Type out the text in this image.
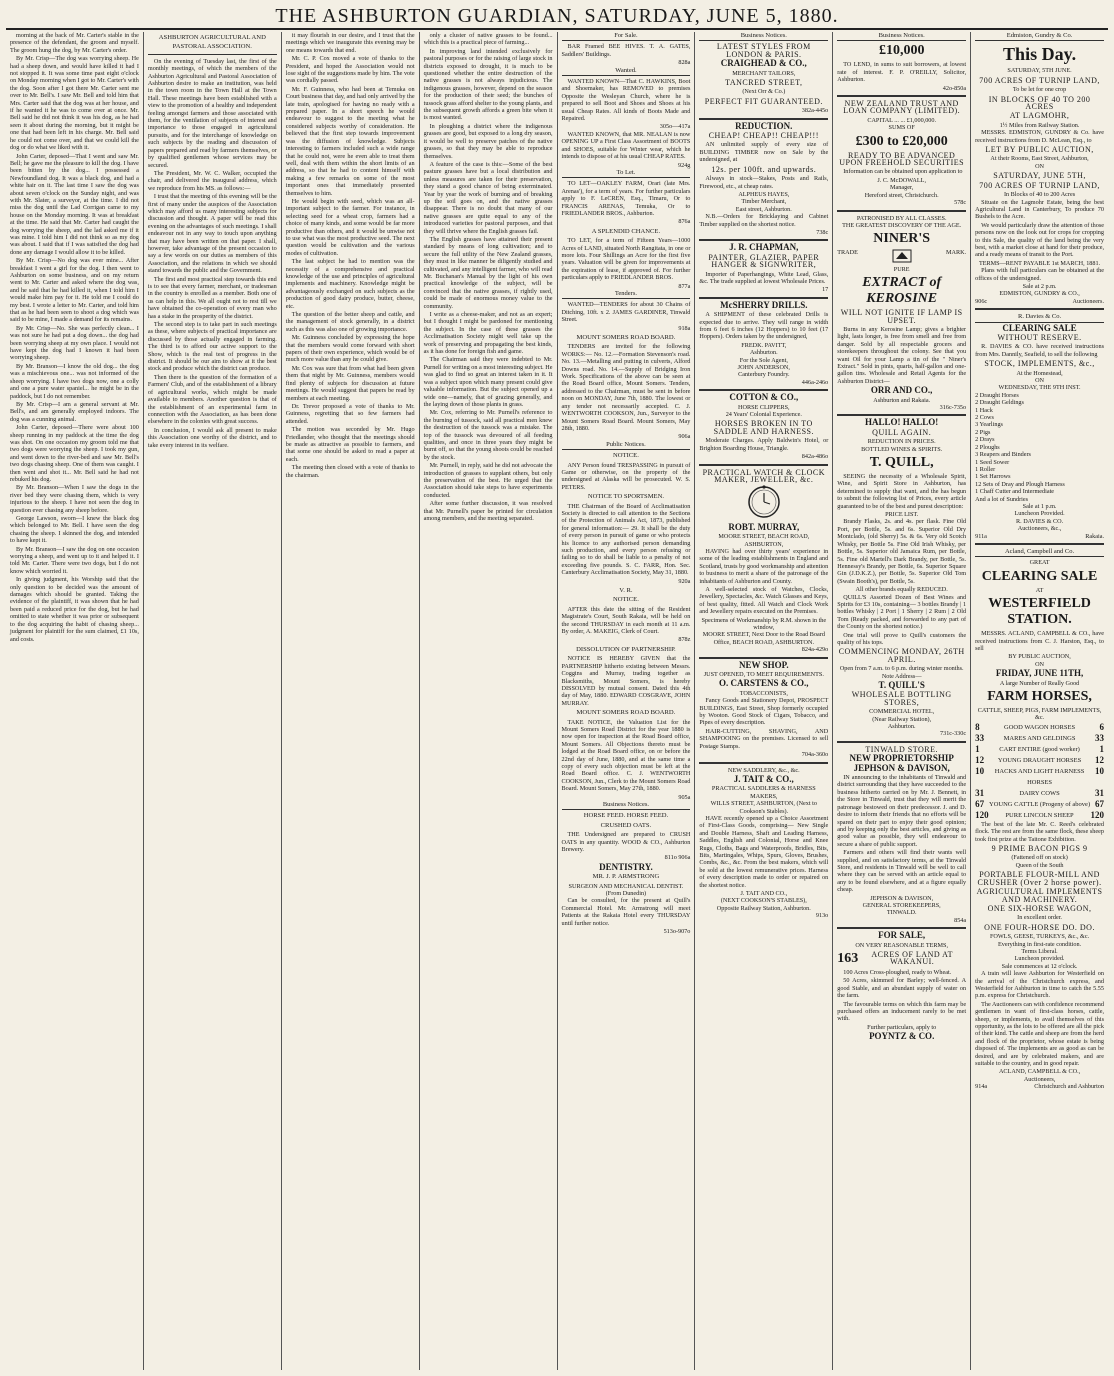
THE ASHBURTON GUARDIAN, SATURDAY, JUNE 5, 1880.

morning at the back of Mr. Carter's stable in the presence of the defendant, the groom and myself. The groom hung the dog, by Mr. Carter's order.

By Mr. Crisp—The dog was worrying sheep. He had a sheep down, and would have killed it had I not stopped it. It was some time past eight o'clock on Monday morning when I got to Mr. Carter's with the dog. Soon after I got there Mr. Carter sent me over to Mr. Bell's. I saw Mr. Bell and told him that Mrs. Carter said that the dog was at her house, and if he wanted it he was to come over at once. Mr. Bell said he did not think it was his dog, as he had seen it about during the morning, but it might be one that had been left in his charge. Mr. Bell said he could not come over, and that we could kill the dog or do what we liked with it.

John Carter, deposed—That I went and saw Mr. Bell; he gave me the pleasure to kill the dog. I have been bitten by the dog... I possessed a Newfoundland dog. It was a black dog, and had a white hair on it. The last time I saw the dog was about seven o'clock on the Sunday night, and was with Mr. Slater, a surveyor, at the time. I did not miss the dog until the Lad Corrigan came to my house on the Monday morning. It was at breakfast at the time. He said that Mr. Carter had caught the dog worrying the sheep, and the lad asked me if it was mine. I told him I did not think so as my dog was about. I said that if I was satisfied the dog had done any damage I would allow it to be killed.

By Mr. Crisp—No dog was ever mine... After breakfast I went a girl for the dog. I then went to Ashburton on some business, and on my return went to Mr. Carter and asked where the dog was, and he said that he had killed it, when I told him I would make him pay for it. He told me I could do my best. I wrote a letter to Mr. Carter, and told him that as he had been seen to shoot a dog which was said to be mine, I made a demand for its remains.

By Mr. Crisp—No. She was perfectly clean... I was not sure he had put a dog down... the dog had been worrying sheep at my own place. I would not have kept the dog had I known it had been worrying sheep.

By Mr. Branson—I know the old dog... the dog was a mischievous one... was not informed of the sheep worrying. I have two dogs now, one a colly and one a pure water spaniel... he might be in the paddock, but I do not remember.

By Mr. Crisp—I am a general servant at Mr. Bell's, and am generally employed indoors. The dog was a cunning animal.

John Carter, deposed—There were about 100 sheep running in my paddock at the time the dog was shot. On one occasion my groom told me that two dogs were worrying the sheep. I took my gun, and went down to the river-bed and saw Mr. Bell's two dogs chasing sheep. One of them was caught. I then went and shot it... Mr. Bell said he had not rebuked his dog.

By Mr. Branson—When I saw the dogs in the river bed they were chasing them, which is very injurious to the sheep. I have not seen the dog in question ever chasing any sheep before.

George Lawson, sworn—I knew the black dog which belonged to Mr. Bell. I have seen the dog chasing the sheep. I skinned the dog, and intended to have kept it.

By Mr. Branson—I saw the dog on one occasion worrying a sheep, and went up to it and helped it. I told Mr. Carter. There were two dogs, but I do not know which worried it.

In giving judgment, his Worship said that the only question to be decided was the amount of damages which should be granted. Taking the evidence of the plaintiff, it was shown that he had been paid a reduced price for the dog, but he had omitted to state whether it was prior or subsequent to the dog acquiring the habit of chasing sheep... judgment for plaintiff for the sum claimed, £1 10s, and costs.

ASHBURTON AGRICULTURAL AND
PASTORAL ASSOCIATION.

On the evening of Tuesday last, the first of the monthly meetings, of which the members of the Ashburton Agricultural and Pastoral Association of Ashburton desire to make an institution, was held in the town room in the Town Hall at the Town Hall. These meetings have been established with a view to the promotion of a healthy and independent feeling amongst farmers and those associated with them, for the ventilation of subjects of interest and importance to those engaged in agricultural pursuits, and for the interchange of knowledge on such subjects by the reading and discussion of papers prepared and read by farmers themselves, or by qualified gentlemen whose services may be secured.

The President, Mr. W. C. Walker, occupied the chair, and delivered the inaugural address, which we reproduce from his MS. as follows:—

I trust that the meeting of this evening will be the first of many under the auspices of the Association which may afford us many interesting subjects for discussion and thought. A paper will be read this evening on the advantages of such meetings. I shall endeavour not in any way to touch upon anything that may have been written on that paper. I shall, however, take advantage of the present occasion to say a few words on our duties as members of this Association, and the relations in which we should stand towards the public and the Government.

The first and most practical step towards this end is to see that every farmer, merchant, or tradesman in the country is enrolled as a member. Both one of us can help in this. We all ought not to rest till we have obtained the co-operation of every man who has a stake in the prosperity of the district.

The second step is to take part in such meetings as these, where subjects of practical importance are discussed by those actually engaged in farming. The third is to afford our active support to the Show, which is the real test of progress in the district. It should be our aim to show at it the best stock and produce which the district can produce.

Then there is the question of the formation of a Farmers' Club, and of the establishment of a library of agricultural works, which might be made available to members. Another question is that of the establishment of an experimental farm in connection with the Association, as has been done elsewhere in the colonies with great success.

In conclusion, I would ask all present to make this Association one worthy of the district, and to take every interest in its welfare.

it may flourish in our desire, and I trust that the meetings which we inaugurate this evening may be one means towards that end.

Mr. C. P. Cox moved a vote of thanks to the President, and hoped the Association would not lose sight of the suggestions made by him. The vote was cordially passed.

Mr. F. Guinness, who had been at Temuka on Court business that day, and had only arrived by the late train, apologised for having no ready with a prepared paper. In a short speech he would endeavour to suggest to the meeting what he considered subjects worthy of consideration. He believed that the first step towards improvement was the diffusion of knowledge. Subjects interesting to farmers included such a wide range that he could not, were he even able to treat them well, deal with them within the short limits of an address, so that he had to content himself with making a few remarks on some of the most important ones that immediately presented themselves to him.

He would begin with seed, which was an all-important subject to the farmer. For instance, in selecting seed for a wheat crop, farmers had a choice of many kinds, and some would be far more productive than others, and it would be unwise not to use what was the most productive seed. The next question would be cultivation and the various modes of cultivation.

The last subject he had to mention was the necessity of a comprehensive and practical knowledge of the use and principles of agricultural implements and machinery. Knowledge might be advantageously exchanged on such subjects as the production of good dairy produce, butter, cheese, etc.

The question of the better sheep and cattle, and the management of stock generally, in a district such as this was also one of growing importance.

Mr. Guinness concluded by expressing the hope that the members would come forward with short papers of their own experience, which would be of much more value than any he could give.

Mr. Cox was sure that from what had been given them that night by Mr. Guinness, members would find plenty of subjects for discussion at future meetings. He would suggest that papers be read by members at each meeting.

Dr. Trevor proposed a vote of thanks to Mr. Guinness, regretting that so few farmers had attended.

The motion was seconded by Mr. Hugo Friedlander, who thought that the meetings should be made as attractive as possible to farmers, and that some one should be asked to read a paper at each.

The meeting then closed with a vote of thanks to the chairman.

only a cluster of native grasses to be found... which this is a practical piece of farming...

In improving land intended exclusively for pastoral purposes or for the raising of large stock in districts exposed to drought, it is much to be questioned whether the entire destruction of the native grasses is not always injudicious. The indigenous grasses, however, depend on the season for the production of their seed; the bunches of tussock grass afford shelter to the young plants, and the subsequent growth affords a green bite when it is most wanted.

In ploughing a district where the indigenous grasses are good, but exposed to a long dry season, it would be well to preserve patches of the native grasses, so that they may be able to reproduce themselves.

A feature of the case is this:—Some of the best pasture grasses have but a local distribution and unless measures are taken for their preservation, they stand a good chance of being exterminated. Year by year the work of burning and of breaking up the soil goes on, and the native grasses disappear. There is no doubt that many of our native grasses are quite equal to any of the introduced varieties for pastoral purposes, and that they will thrive where the English grasses fail.

The English grasses have attained their present standard by means of long cultivation; and to secure the full utility of the New Zealand grasses, they must in like manner be diligently studied and cultivated, and any intelligent farmer, who will read Mr. Buchanan's Manual by the light of his own practical knowledge of the subject, will be convinced that the native grasses, if rightly used, could be made of enormous money value to the community.

I write as a cheese-maker, and not as an expert; but I thought I might be pardoned for mentioning the subject. In the case of these grasses the Acclimatisation Society might well take up the work of preserving and propagating the best kinds, as it has done for foreign fish and game.

The Chairman said they were indebted to Mr. Purnell for writing on a most interesting subject. He was glad to find so great an interest taken in it. It was a subject upon which many present could give valuable information. But the subject opened up a wide one—namely, that of grazing generally, and the laying down of those plants in grass.

Mr. Cox, referring to Mr. Purnell's reference to the burning of tussock, said all practical men knew the destruction of the tussock was a mistake. The top of the tussock was devoured of all feeding qualities, and once in three years they might be burnt off, so that the young shoots could be reached by the stock.

Mr. Purnell, in reply, said he did not advocate the introduction of grasses to supplant others, but only the preservation of the best. He urged that the Association should take steps to have experiments conducted.

After some further discussion, it was resolved that Mr. Purnell's paper be printed for circulation among members, and the meeting separated.

For Sale.

BAR Framed BEE HIVES. T. A. GATES, Saddlers' Buildings.

828a
Wanted.

WANTED KNOWN—That C. HAWKINS, Boot and Shoemaker, has REMOVED to premises Opposite the Wesleyan Church, where he is prepared to sell Boot and Shoes and Shoes at his usual Cheap Rates. All kinds of Boots Made and Repaired.

305o—417a

WANTED KNOWN, that MR. NEALAN is now OPENING UP a First Class Assortment of BOOTS and SHOES, suitable for Winter wear, which he intends to dispose of at his usual CHEAP RATES.

924g
To Let.

TO LET—OAKLEY FARM, Orari (late Mrs. Arenas'), for a term of years. For further particulars apply to F. LeCREN, Esq., Timaru, Or to FRANCIS ARENAS, Temuka, Or to FRIEDLANDER BROS., Ashburton.

876a
A SPLENDID CHANCE.

TO LET, for a term of Fifteen Years—1000 Acres of LAND, situated North Rangitata, in one or more lots. Four Shillings an Acre for the first five years. Valuation will be given for improvements at the expiration of lease, if approved of. For further particulars apply to FRIEDLANDER BROS.

877a
Tenders.

WANTED—TENDERS for about 30 Chains of Ditching, 10ft. x 2. JAMES GARDINER, Tinwald Street.

918a
MOUNT SOMERS ROAD BOARD.

TENDERS are invited for the following WORKS:— No. 12.—Formation Stevenson's road. No. 13.—Metalling and putting in culverts, Alford Downs road. No. 14.—Supply of Bridging Iron Work. Specifications of the above can be seen at the Road Board office, Mount Somers. Tenders, addressed to the Chairman, must be sent in before noon on MONDAY, June 7th, 1880. The lowest or any tender not necessarily accepted. C. J. WENTWORTH COOKSON, Jun., Surveyor to the Mount Somers Road Board. Mount Somers, May 28th, 1880.

906a
Public Notices.
NOTICE.

ANY Person found TRESPASSING in pursuit of Game or otherwise, on the property of the undersigned at Alaska will be prosecuted. W. S. PETERS.

NOTICE TO SPORTSMEN.

THE Chairman of the Board of Acclimatisation Society is directed to call attention to the Sections of the Protection of Animals Act, 1873, published for general information:— 29. It shall be the duty of every person in pursuit of game or who protects his licence to any authorised person demanding such production, and every person refusing or failing so to do shall be liable to a penalty of not exceeding five pounds. S. C. FARR, Hon. Sec. Canterbury Acclimatisation Society, May 31, 1880.

920a
V. R.
NOTICE.

AFTER this date the sitting of the Resident Magistrate's Court, South Rakaia, will be held on the second THURSDAY in each month at 11 a.m. By order, A. MAKEIG, Clerk of Court.

878z
DISSOLUTION OF PARTNERSHIP.

NOTICE IS HEREBY GIVEN that the PARTNERSHIP hitherto existing between Messrs. Coggins and Murray, trading together as Blacksmiths, Mount Somers, is hereby DISSOLVED by mutual consent. Dated this 4th day of May, 1880. EDWARD COSGRAVE, JOHN MURRAY.

MOUNT SOMERS ROAD BOARD.

TAKE NOTICE, the Valuation List for the Mount Somers Road District for the year 1880 is now open for inspection at the Road Board office, Mount Somers. All Objections thereto must be lodged at the Road Board office, on or before the 22nd day of June, 1880, and at the same time a copy of every such objection must be left at the Road Board office. C. J. WENTWORTH COOKSON, Jun., Clerk to the Mount Somers Road Board. Mount Somers, May 27th, 1880.

905a
Business Notices.
HORSE FEED. HORSE FEED.
CRUSHED OATS.

THE Undersigned are prepared to CRUSH OATS in any quantity. WOOD & CO., Ashburton Brewery.

811o 906a
DENTISTRY.
MR. J. P. ARMSTRONG
SURGEON AND MECHANICAL DENTIST.
(From Dunedin)

Can be consulted, for the present at Quill's Commercial Hotel. Mr. Armstrong will meet Patients at the Rakaia Hotel every THURSDAY until further notice.

513o-907o
Business Notices.
LATEST STYLES FROM LONDON & PARIS.
CRAIGHEAD & CO.,
MERCHANT TAILORS,
TANCRED STREET,
(Next Orr & Co.)
PERFECT FIT GUARANTEED.
382a-445o
REDUCTION.
CHEAP! CHEAP!! CHEAP!!!

AN unlimited supply of every size of BUILDING TIMBER now on Sale by the undersigned, at

12s. per 100ft. and upwards.

Always in stock—Stakes, Posts and Rails, Firewood, etc., at cheap rates.

ALPHEUS HAYES,
Timber Merchant,
East street, Ashburton.

N.B.—Orders for Bricklaying and Cabinet Timber supplied on the shortest notice.

738c
J. R. CHAPMAN,
PAINTER, GLAZIER, PAPER HANGER & SIGNWRITER,

Importer of Paperhangings, White Lead, Glass, &c. The trade supplied at lowest Wholesale Prices.

17
McSHERRY DRILLS.

A SHIPMENT of these celebrated Drills is expected due to arrive. They will range in width from 6 feet 6 inches (12 Hoppers) to 10 feet (17 Hoppers). Orders taken by the undersigned,

FREDK. PAVITT,
Ashburton.
For the Sole Agent,
JOHN ANDERSON,
Canterbury Foundry.
446a-246o
COTTON & CO.,
HORSE CLIPPERS,
24 Years' Colonial Experience.
HORSES BROKEN IN TO SADDLE AND HARNESS.

Moderate Charges. Apply Baldwin's Hotel, or Brighton Boarding House, Triangle.

842a-486o
PRACTICAL WATCH & CLOCK MAKER, JEWELLER, &c.
ROBT. MURRAY,
MOORE STREET, BEACH ROAD, ASHBURTON,

HAVING had over thirty years' experience in some of the leading establishments in England and Scotland, trusts by good workmanship and attention to business to merit a share of the patronage of the inhabitants of Ashburton and County.

A well-selected stock of Watches, Clocks, Jewellery, Spectacles, &c. Watch Glasses and Keys, of best quality, fitted. All Watch and Clock Work and Jewellery repairs executed on the Premises.

Specimens of Workmanship by R.M. shown in the window,
MOORE STREET, Next Door to the Road Board Office, BEACH ROAD, ASHBURTON.
824a-429o
NEW SHOP.
JUST OPENED, TO MEET REQUIREMENTS.
O. CARSTENS & CO.,
TOBACCONISTS,

Fancy Goods and Stationery Depot, PROSPECT BUILDINGS, East Street, Shop formerly occupied by Wooton. Good Stock of Cigars, Tobacco, and Pipes of every description.

HAIR-CUTTING, SHAVING, AND SHAMPOOING on the premises. Licensed to sell Postage Stamps.

704a-360o
NEW SADDLERY, &c., &c.
J. TAIT & CO.,
PRACTICAL SADDLERS & HARNESS MAKERS,
WILLS STREET, ASHBURTON, (Next to Cookson's Stables).

HAVE recently opened up a Choice Assortment of First-Class Goods, comprising— New Single and Double Harness, Shaft and Leading Harness, Saddles, English and Colonial, Horse and Knee Rugs, Cloths, Bags and Waterproofs, Bridles, Bits, Bits, Martingales, Whips, Spurs, Gloves, Brushes, Combs, &c., &c. From the best makers, which will be sold at the lowest remunerative prices. Harness of every description made to order or repaired on the shortest notice.

J. TAIT AND CO.,
(NEXT COOKSON'S STABLES),
Opposite Railway Station, Ashburton.
913o
Business Notices.
£10,000

TO LEND, in sums to suit borrowers, at lowest rate of interest. F. P. O'REILLY, Solicitor, Ashburton.

42o-850a
NEW ZEALAND TRUST AND LOAN COMPANY (LIMITED).
CAPITAL ... ... £1,000,000.
SUMS OF
£300 to £20,000
READY TO BE ADVANCED UPON FREEHOLD SECURITIES

Information can be obtained upon application to

J. C. McDOWALL,
Manager,
Hereford street, Christchurch.
578c
PATRONISED BY ALL CLASSES.
THE GREATEST DISCOVERY OF THE AGE.
NINER'S
TRADE	MARK.
PURE
EXTRACT of KEROSINE
WILL NOT IGNITE IF LAMP IS UPSET.

Burns in any Kerosine Lamp; gives a brighter light, lasts longer, is free from smell and free from danger. Sold by all respectable grocers and storekeepers throughout the colony. See that you want Oil for your Lamp a tin of the " Niner's Extract." Sold in pints, quarts, half-gallon and one-gallon tins. Wholesale and Retail Agents for the Ashburton District—

ORR AND CO.,
Ashburton and Rakaia.
316c-735o
HALLO! HALLO!
QUILL AGAIN.
REDUCTION IN PRICES.
BOTTLED WINES & SPIRITS.
T. QUILL,

SEEING the necessity of a Wholesale Spirit, Wine, and Spirit Store in Ashburton, has determined to supply that want, and the has begun to submit the following list of Prices, every article guaranteed to be of the best and purest description:

PRICE LIST.

Brandy Flasks, 2s. and 4s. per flask. Fine Old Port, per Bottle, 5s. and 6s. Superior Old Dry Montclado, (old Sherry) 5s. & 6s. Very old Scotch Whisky, per Bottle 5s. Fine Old Irish Whisky, per Bottle, 5s. Superior old Jamaica Rum, per Bottle, 5s. Fine old Martell's Dark Brandy, per Bottle, 5s. Hennessy's Brandy, per Bottle, 6s. Superior Square Gin (J.D.K.Z.), per Bottle, 5s. Superior Old Tom (Swain Booth's), per Bottle, 5s.

All other brands equally REDUCED.

QUILL'S Assorted Dozen of Best Wines and Spirits for £3 10s, containing— 3 bottles Brandy | 1 bottles Whisky | 2 Port | 1 Sherry | 2 Rum | 2 Old Tom (Ready packed, and forwarded to any part of the County on the shortest notice.)

One trial will prove to Quill's customers the quality of his tops.

COMMENCING MONDAY, 26TH APRIL.
Open from 7 a.m. to 6 p.m. during winter months.
Note Address—
T. QUILL'S
WHOLESALE BOTTLING STORES,
COMMERCIAL HOTEL,
(Near Railway Station),
Ashburton.
731c-330c
TINWALD STORE.
NEW PROPRIETORSHIP
JEPHSON & DAVISON,

IN announcing to the inhabitants of Tinwald and district surrounding that they have succeeded to the business hitherto carried on by Mr. J. Bennett, in the Store in Tinwald, trust that they will merit the patronage bestowed on their predecessor. J. and D. desire to inform their friends that no efforts will be spared on their part to enjoy their good opinion; and by keeping only the best articles, and giving as good value as possible, they will endeavour to secure a share of public support.

Farmers and others will find their wants well supplied, and on satisfactory terms, at the Tinwald Store, and residents in Tinwald will be well to call where they can be served with an article equal to any to be found elsewhere, and at a figure equally cheap.

JEPHSON & DAVISON,
GENERAL STOREKEEPERS,
TINWALD.
854a
FOR SALE,
ON VERY REASONABLE TERMS,
163	ACRES OF LAND AT WAKANUI.

100 Acres Cross-ploughed, ready to Wheat.

50 Acres, skimmed for Barley; well-fenced. A good Stable, and an abundant supply of water on the farm.

The favourable terms on which this farm may be purchased offers an inducement rarely to be met with.

Further particulars, apply to
POYNTZ & CO.
Edmiston, Gundry & Co.
This Day.
SATURDAY, 5TH JUNE.
700 ACRES OF TURNIP LAND,
To be let for one crop
IN BLOCKS OF 40 TO 200 ACRES
AT LAGMOHR,
1½ Miles from Railway Station.

MESSRS. EDMISTON, GUNDRY & Co. have received instructions from D. McLean, Esq., to

LET BY PUBLIC AUCTION,
At their Rooms, East Street, Ashburton,
ON
SATURDAY, JUNE 5TH,
700 ACRES OF TURNIP LAND,
In Blocks of 40 to 200 Acres

Situate on the Lagmohr Estate, being the best Agricultural Land in Canterbury, To produce 70 Bushels to the Acre.

We would particularly draw the attention of those persons now on the look out for crops for cropping to this Sale, the quality of the land being the very best, with a market close at hand for their produce, and a ready means of transit to the Port.

TERMS—RENT PAYABLE 1st MARCH, 1881.

Plans with full particulars can be obtained at the offices of the undersigned.

Sale at 2 p.m.
EDMISTON, GUNDRY & CO.,
906c	Auctioneers.
R. Davies & Co.
CLEARING SALE
WITHOUT RESERVE.

R. DAVIES & CO. have received instructions from Mrs. Dannily, Seafield, to sell the following

STOCK, IMPLEMENTS, &c.,
At the Homestead,
ON
WEDNESDAY, THE 9TH INST.
2 Draught Horses
2 Draught Geldings
1 Hack
2 Cows
3 Yearlings
2 Pigs
2 Drays
2 Ploughs
3 Reapers and Binders
1 Seed Sower
1 Roller
1 Set Harrows
12 Sets of Dray and Plough Harness
1 Chaff Cutter and Intermediate
And a lot of Sundries
Sale at 1 p.m.
Luncheon Provided.
R. DAVIES & CO.
Auctioneers, &c.,
911a	Rakaia.
Acland, Campbell and Co.
GREAT
CLEARING SALE
AT
WESTERFIELD STATION.

MESSRS. ACLAND, CAMPBELL & CO., have received instructions from C. J. Harston, Esq., to sell

BY PUBLIC AUCTION,
ON
FRIDAY, JUNE 11TH,
A large Number of Really Good
FARM HORSES,
CATTLE, SHEEP, PIGS, FARM IMPLEMENTS, &c.
8	GOOD WAGON HORSES	6
33	MARES AND GELDINGS	33
1	CART ENTIRE (good worker)	1
12	YOUNG DRAUGHT HORSES	12
10	HACKS AND LIGHT HARNESS HORSES
10
31	DAIRY COWS	31
67 YOUNG CATTLE (Progeny of above) 67
120	PURE LINCOLN SHEEP	120

The best of the late Mr. C. Reed's celebrated flock. The rest are from the same flock, these sheep took first prize at the Taitone Exhibition.

9 PRIME BACON PIGS 9
(Fattened off on stock)
Queen of the South
PORTABLE FLOUR-MILL AND CRUSHER (Over 2 horse power).
AGRICULTURAL IMPLEMENTS AND MACHINERY.
ONE SIX-HORSE WAGON,
In excellent order.
ONE FOUR-HORSE DO. DO.
FOWLS, GEESE, TURKEYS, &c., &c.
Everything in first-rate condition.
Terms Liberal.
Luncheon provided.
Sale commences at 12 o'clock.

A train will leave Ashburton for Westerfield on the arrival of the Christchurch express, and Westerfield for Ashburton in time to catch the 5.55 p.m. express for Christchurch.

The Auctioneers can with confidence recommend gentlemen in want of first-class horses, cattle, sheep, or implements, to avail themselves of this opportunity, as the lots to be offered are all the pick of their kind. The cattle and sheep are from the herd and flock of the proprietor, whose estate is being disposed of. The implements are as good as can be desired, and are by celebrated makers, and are suitable to the country, and in good repair.

ACLAND, CAMPBELL & CO.,
Auctioneers,
914a	Christchurch and Ashburton
